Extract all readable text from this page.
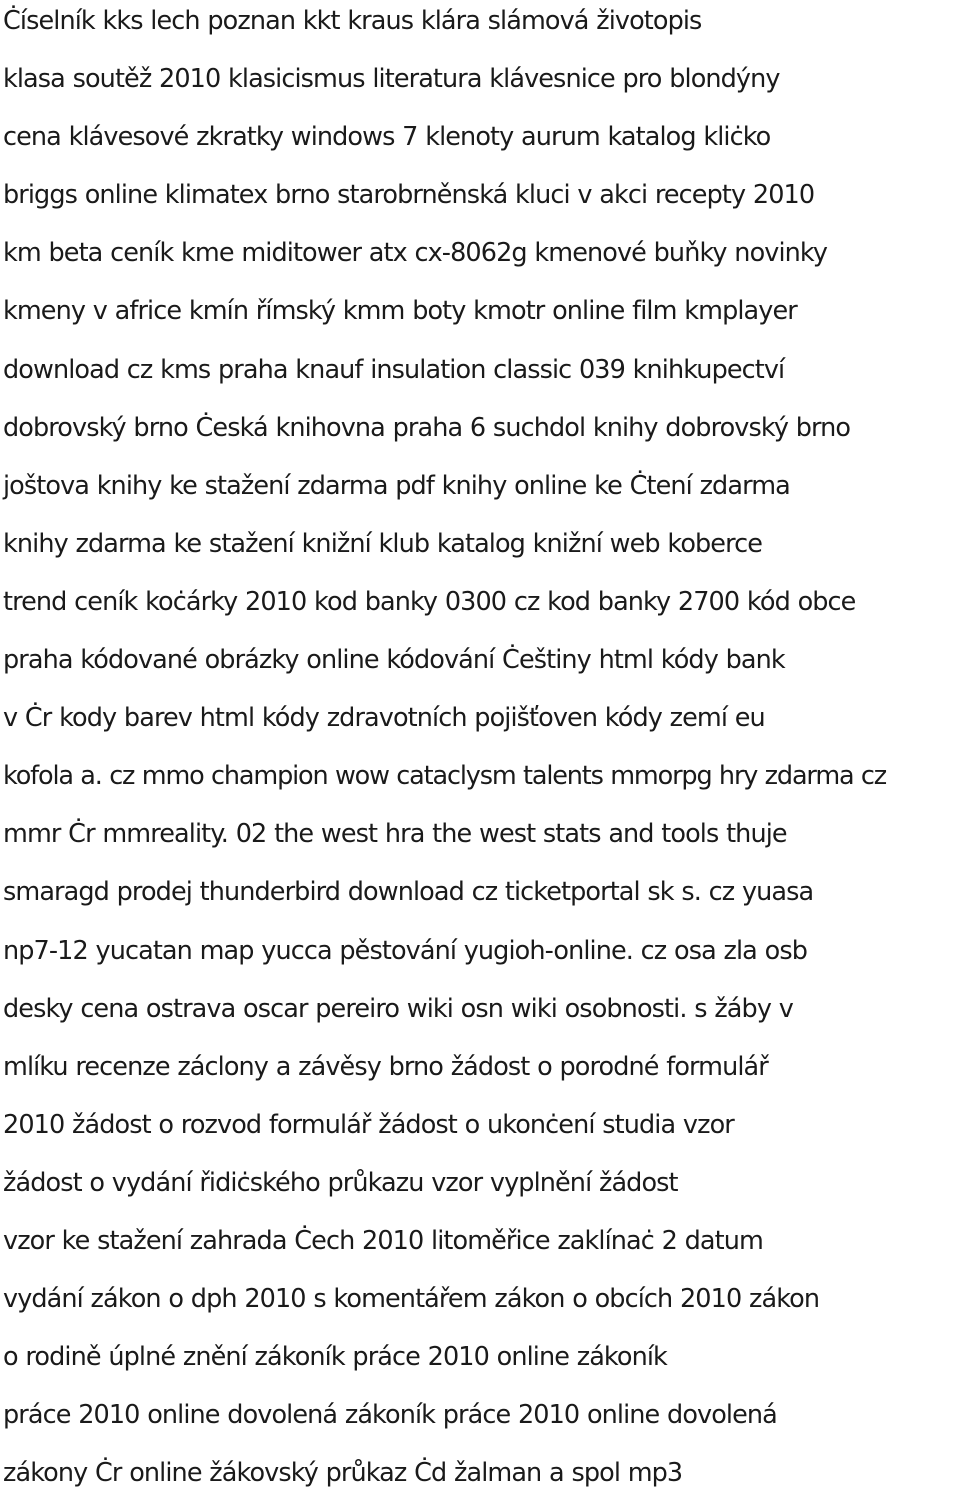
Ċíselník kks lech poznan kkt kraus klára slámová životopis
klasa soutěž 2010 klasicismus literatura klávesnice pro blondýny
cena klávesové zkratky windows 7 klenoty aurum katalog kliċko
briggs online klimatex brno starobrněnská kluci v akci recepty 2010
km beta ceník kme miditower atx cx-8062g kmenové buňky novinky
kmeny v africe kmín římský kmm boty kmotr online film kmplayer
download cz kms praha knauf insulation classic 039 knihkupectví
dobrovský brno Ċeská knihovna praha 6 suchdol knihy dobrovský brno
joštova knihy ke stažení zdarma pdf knihy online ke Ċtení zdarma
knihy zdarma ke stažení knižní klub katalog knižní web koberce
trend ceník koċárky 2010 kod banky 0300 cz kod banky 2700 kód obce
praha kódované obrázky online kódování Ċeštiny html kódy bank
v Ċr kody barev html kódy zdravotních pojišťoven kódy zemí eu
kofola a. cz mmo champion wow cataclysm talents mmorpg hry zdarma cz
mmr Ċr mmreality. 02 the west hra the west stats and tools thuje
smaragd prodej thunderbird download cz ticketportal sk s. cz yuasa
np7-12 yucatan map yucca pěstování yugioh-online. cz osa zla osb
desky cena ostrava oscar pereiro wiki osn wiki osobnosti. s žáby v
mlíku recenze záclony a závěsy brno žádost o porodné formulář
2010 žádost o rozvod formulář žádost o ukonċení studia vzor
žádost o vydání řidiċského průkazu vzor vyplnění žádost
vzor ke stažení zahrada Ċech 2010 litoměřice zaklínaċ 2 datum
vydání zákon o dph 2010 s komentářem zákon o obcích 2010 zákon
o rodině úplné znění zákoník práce 2010 online zákoník
práce 2010 online dovolená zákoník práce 2010 online dovolená
zákony Ċr online žákovský průkaz Ċd žalman a spol mp3
